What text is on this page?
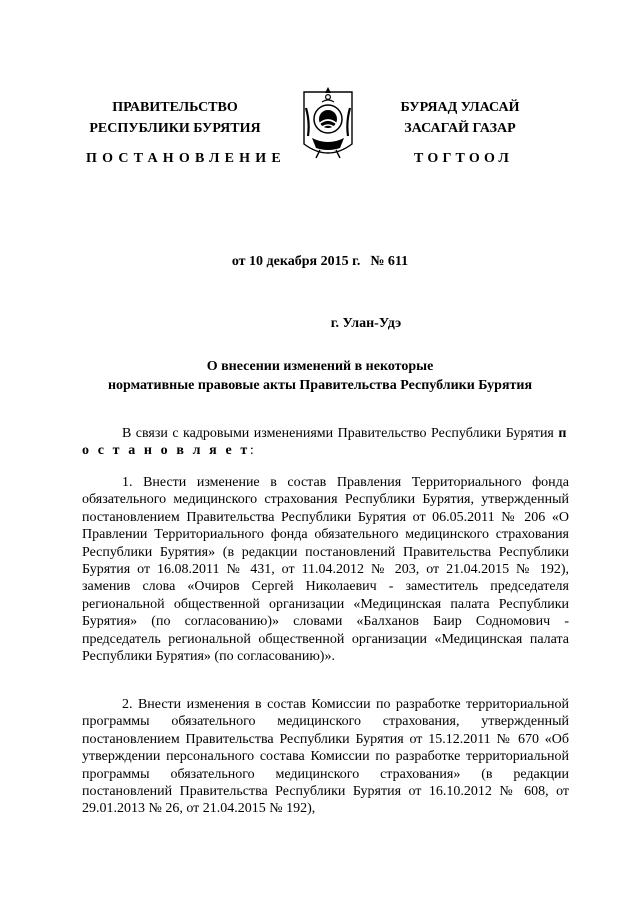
ПРАВИТЕЛЬСТВО
РЕСПУБЛИКИ БУРЯТИЯ
ПОСТАНОВЛЕНИЕ
БУРЯАД УЛАСАЙ
ЗАСАГАЙ ГАЗАР
ТОГТООЛ
от 10 декабря 2015 г. № 611
г. Улан-Удэ
О внесении изменений в некоторые
нормативные правовые акты Правительства Республики Бурятия

В связи с кадровыми изменениями Правительство Республики Бурятия п о с т а н о в л я е т:

1. Внести изменение в состав Правления Территориального фонда обязательного медицинского страхования Республики Бурятия, утвержденный постановлением Правительства Республики Бурятия от 06.05.2011 № 206 «О Правлении Территориального фонда обязательного медицинского страхования Республики Бурятия» (в редакции постановлений Правительства Республики Бурятия от 16.08.2011 № 431, от 11.04.2012 № 203, от 21.04.2015 № 192), заменив слова «Очиров Сергей Николаевич - заместитель председателя региональной общественной организации «Медицинская палата Республики Бурятия» (по согласованию)» словами «Балханов Баир Содномович - председатель региональной общественной организации «Медицинская палата Республики Бурятия» (по согласованию)».

2. Внести изменения в состав Комиссии по разработке территориальной программы обязательного медицинского страхования, утвержденный постановлением Правительства Республики Бурятия от 15.12.2011 № 670 «Об утверждении персонального состава Комиссии по разработке территориальной программы обязательного медицинского страхования» (в редакции постановлений Правительства Республики Бурятия от 16.10.2012 № 608, от 29.01.2013 № 26, от 21.04.2015 № 192),
